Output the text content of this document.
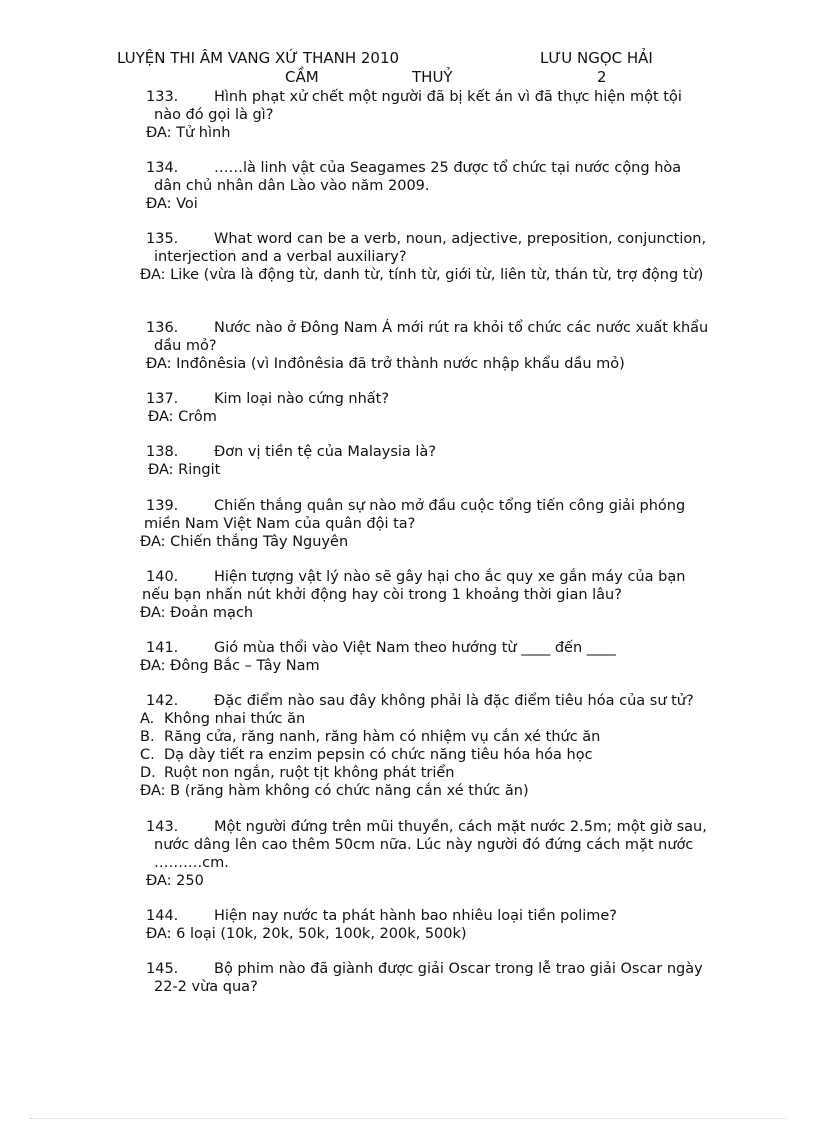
LUYỆN THI ÂM VANG XỨ THANH 2010	LƯU NGỌC HẢI
CẦM	THUỶ	2
133. Hình phạt xử chết một người đã bị kết án vì đã thực hiện một tội
nào đó gọi là gì?
ĐA: Tử hình
134. ……là linh vật của Seagames 25 được tổ chức tại nước cộng hòa
dân chủ nhân dân Lào vào năm 2009.
ĐA: Voi
135. What word can be a verb, noun, adjective, preposition, conjunction,
interjection and a verbal auxiliary?
ĐA: Like (vừa là động từ, danh từ, tính từ, giới từ, liên từ, thán từ, trợ động từ)
136. Nước nào ở Đông Nam Á mới rút ra khỏi tổ chức các nước xuất khẩu
dầu mỏ?
ĐA: Inđônêsia (vì Inđônêsia đã trở thành nước nhập khẩu dầu mỏ)
137. Kim loại nào cứng nhất?
ĐA: Crôm
138. Đơn vị tiền tệ của Malaysia là?
ĐA: Ringit
139. Chiến thắng quân sự nào mở đầu cuộc tổng tiến công giải phóng
miền Nam Việt Nam của quân đội ta?
ĐA: Chiến thắng Tây Nguyên
140. Hiện tượng vật lý nào sẽ gây hại cho ắc quy xe gắn máy của bạn
nếu bạn nhấn nút khởi động hay còi trong 1 khoảng thời gian lâu?
ĐA: Đoản mạch
141. Gió mùa thổi vào Việt Nam theo hướng từ ____ đến ____
ĐA: Đông Bắc – Tây Nam
142. Đặc điểm nào sau đây không phải là đặc điểm tiêu hóa của sư tử?
A. Không nhai thức ăn
B. Răng cửa, răng nanh, răng hàm có nhiệm vụ cắn xé thức ăn
C. Dạ dày tiết ra enzim pepsin có chức năng tiêu hóa hóa học
D. Ruột non ngắn, ruột tịt không phát triển
ĐA: B (răng hàm không có chức năng cắn xé thức ăn)
143. Một người đứng trên mũi thuyền, cách mặt nước 2.5m; một giờ sau,
nước dâng lên cao thêm 50cm nữa. Lúc này người đó đứng cách mặt nước
……….cm.
ĐA: 250
144. Hiện nay nước ta phát hành bao nhiêu loại tiền polime?
ĐA: 6 loại (10k, 20k, 50k, 100k, 200k, 500k)
145. Bộ phim nào đã giành được giải Oscar trong lễ trao giải Oscar ngày
22-2 vừa qua?
